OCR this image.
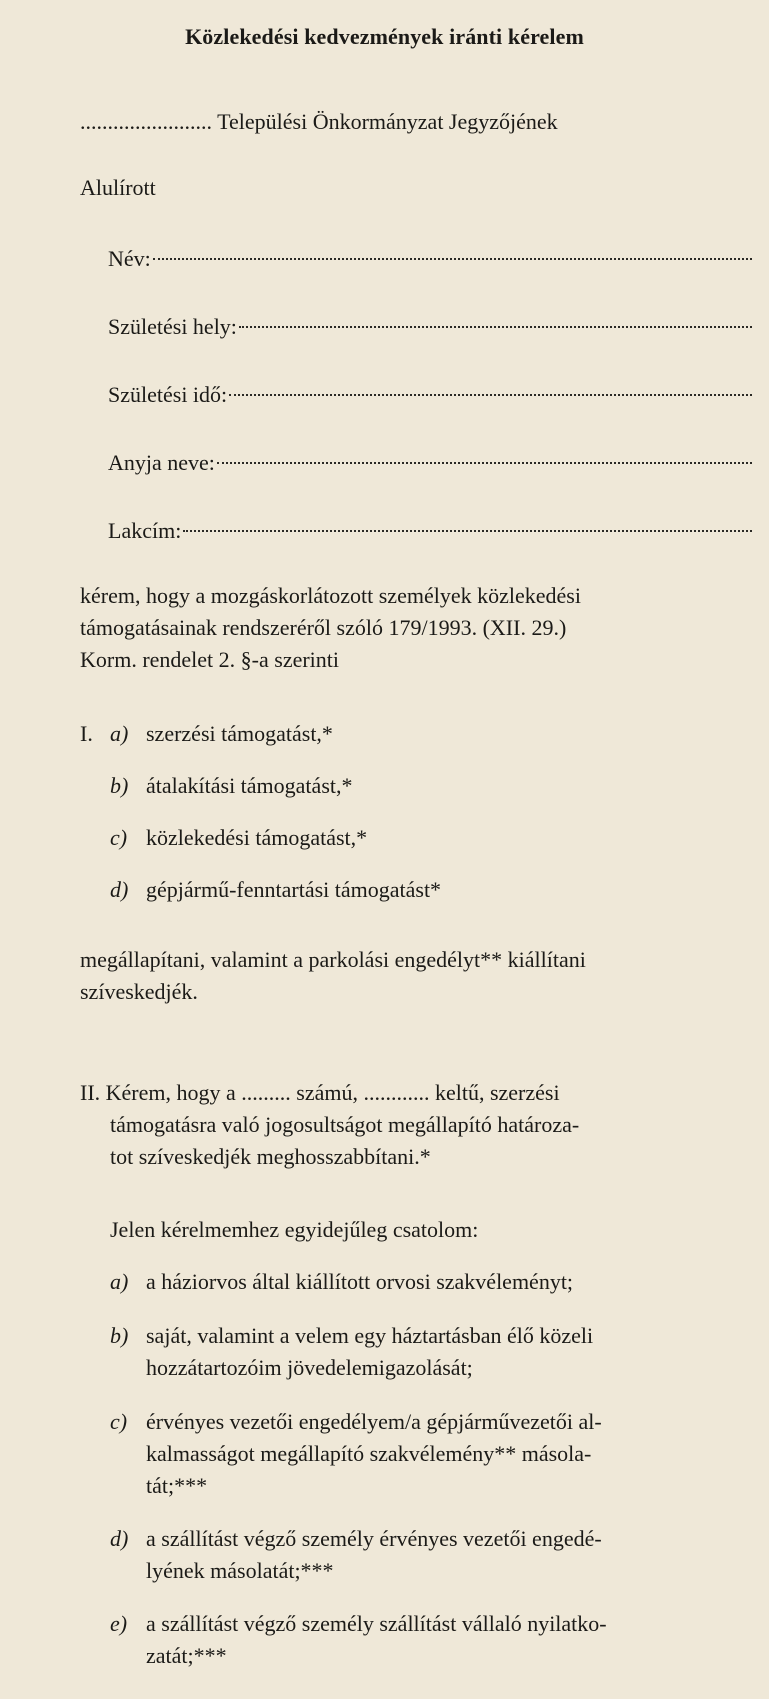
Közlekedési kedvezmények iránti kérelem
........................ Települési Önkormányzat Jegyzőjének
Alulírott
Név:
Születési hely:
Születési idő:
Anyja neve:
Lakcím:
kérem, hogy a mozgáskorlátozott személyek közlekedési
támogatásainak rendszeréről szóló 179/1993. (XII. 29.)
Korm. rendelet 2. §-a szerinti
I. a) szerzési támogatást,*
b) átalakítási támogatást,*
c) közlekedési támogatást,*
d) gépjármű-fenntartási támogatást*
megállapítani, valamint a parkolási engedélyt** kiállítani
szíveskedjék.
II. Kérem, hogy a ......... számú, ............ keltű, szerzési
támogatásra való jogosultságot megállapító határoza-
tot szíveskedjék meghosszabbítani.*
Jelen kérelmemhez egyidejűleg csatolom:
a) a háziorvos által kiállított orvosi szakvéleményt;
b) saját, valamint a velem egy háztartásban élő közeli
hozzátartozóim jövedelemigazolását;
c) érvényes vezetői engedélyem/a gépjárművezetői al-
kalmasságot megállapító szakvélemény** másola-
tát;***
d) a szállítást végző személy érvényes vezetői engedé-
lyének másolatát;***
e) a szállítást végző személy szállítást vállaló nyilatko-
zatát;***
